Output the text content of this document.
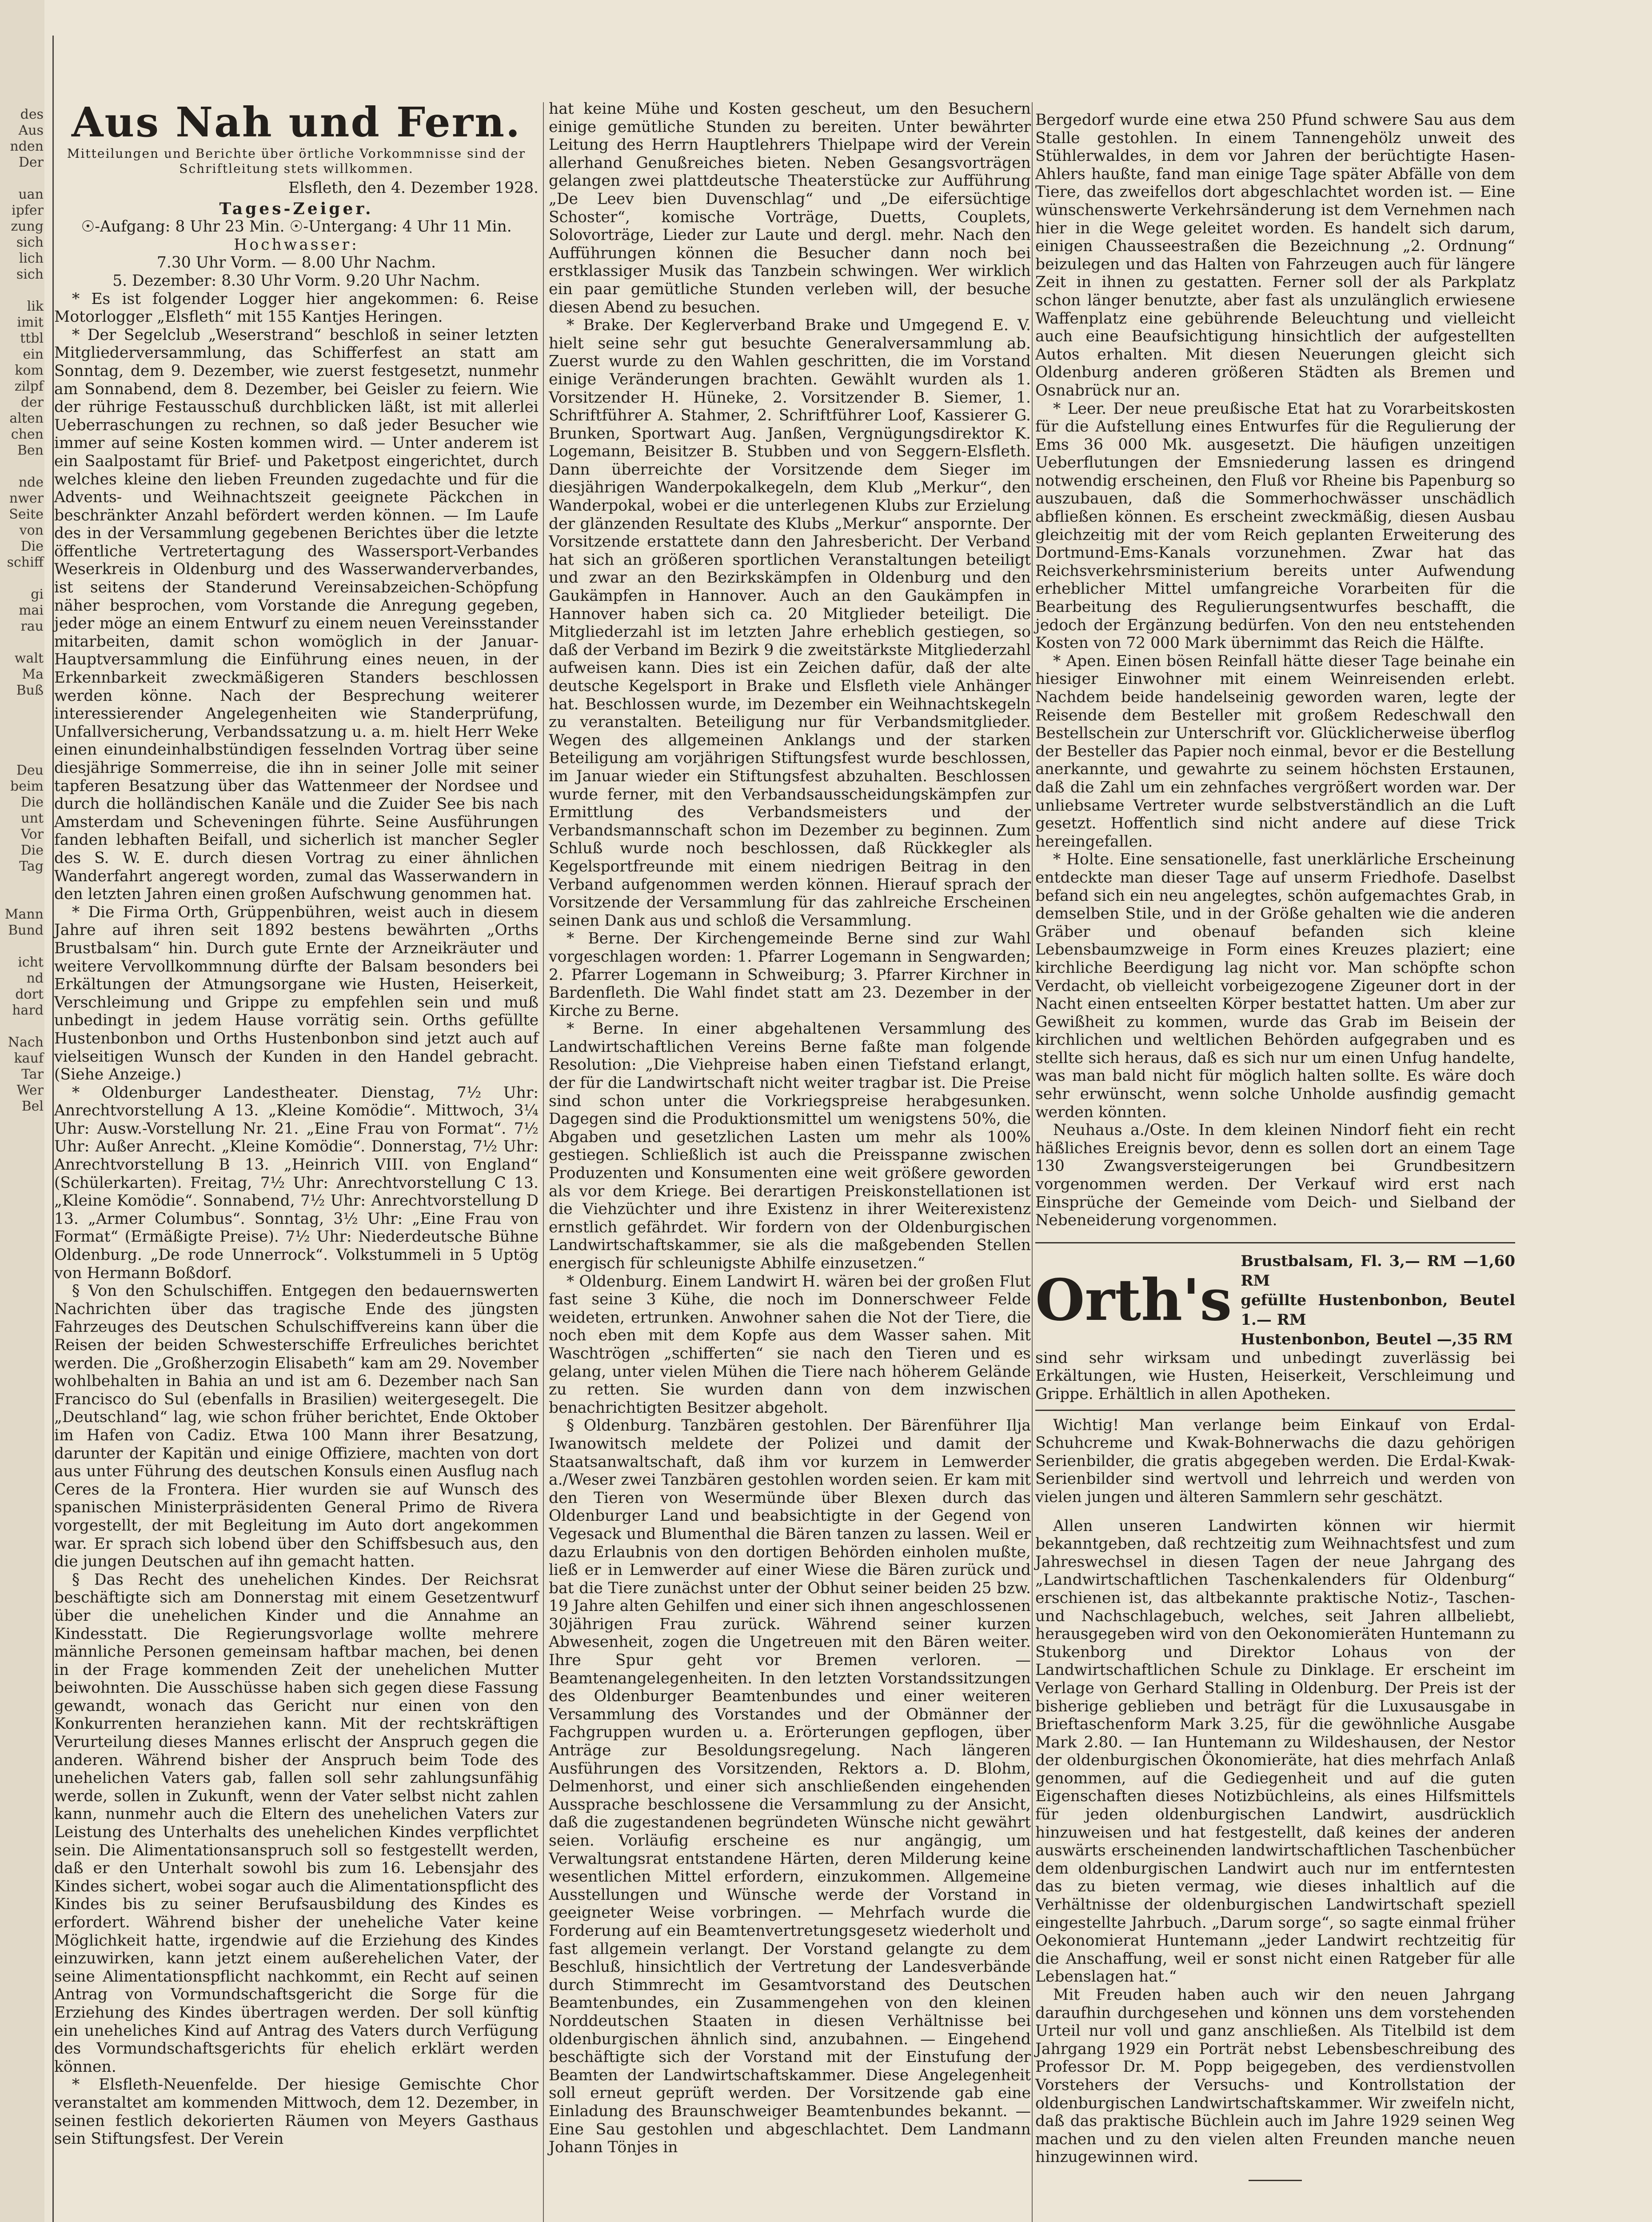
des
Aus
nden
Der

uan
ipfer
zung
sich
lich
sich

lik
imit
ttbl
ein
kom
zilpf
der
alten
chen
Ben

nde
nwer
Seite
von
Die
schiff

gi
mai
rau

walt
Ma
Buß

Deu
beim
Die
unt
Vor
Die
Tag

Mann
Bund

icht
nd
dort
hard

Nach
kauf
Tar
Wer
Bel
Aus Nah und Fern.
Mitteilungen und Berichte über örtliche Vorkommnisse sind der Schriftleitung stets willkommen.
Elsfleth, den 4. Dezember 1928.
Tages-Zeiger.
☉-Aufgang: 8 Uhr 23 Min. ☉-Untergang: 4 Uhr 11 Min.
Hochwasser:
7.30 Uhr Vorm. — 8.00 Uhr Nachm.
5. Dezember: 8.30 Uhr Vorm. 9.20 Uhr Nachm.

* Es ist folgender Logger hier angekommen: 6. Reise Motorlogger „Elsfleth“ mit 155 Kantjes Heringen.

* Der Segelclub „Weserstrand“ beschloß in seiner letzten Mitgliederversammlung, das Schifferfest an statt am Sonntag, dem 9. Dezember, wie zuerst festgesetzt, nunmehr am Sonnabend, dem 8. Dezember, bei Geisler zu feiern. Wie der rührige Festausschuß durchblicken läßt, ist mit allerlei Ueberraschungen zu rechnen, so daß jeder Besucher wie immer auf seine Kosten kommen wird. — Unter anderem ist ein Saalpostamt für Brief- und Paketpost eingerichtet, durch welches kleine den lieben Freunden zugedachte und für die Advents- und Weihnachtszeit geeignete Päckchen in beschränkter Anzahl befördert werden können. — Im Laufe des in der Versammlung gegebenen Berichtes über die letzte öffentliche Vertretertagung des Wassersport-Verbandes Weserkreis in Oldenburg und des Wasserwanderverbandes, ist seitens der Standerund Vereinsabzeichen-Schöpfung näher besprochen, vom Vorstande die Anregung gegeben, jeder möge an einem Entwurf zu einem neuen Vereinsstander mitarbeiten, damit schon womöglich in der Januar-Hauptversammlung die Einführung eines neuen, in der Erkennbarkeit zweckmäßigeren Standers beschlossen werden könne. Nach der Besprechung weiterer interessierender Angelegenheiten wie Standerprüfung, Unfallversicherung, Verbandssatzung u. a. m. hielt Herr Weke einen einundeinhalbstündigen fesselnden Vortrag über seine diesjährige Sommerreise, die ihn in seiner Jolle mit seiner tapferen Besatzung über das Wattenmeer der Nordsee und durch die holländischen Kanäle und die Zuider See bis nach Amsterdam und Scheveningen führte. Seine Ausführungen fanden lebhaften Beifall, und sicherlich ist mancher Segler des S. W. E. durch diesen Vortrag zu einer ähnlichen Wanderfahrt angeregt worden, zumal das Wasserwandern in den letzten Jahren einen großen Aufschwung genommen hat.

* Die Firma Orth, Grüppenbühren, weist auch in diesem Jahre auf ihren seit 1892 bestens bewährten „Orths Brustbalsam“ hin. Durch gute Ernte der Arzneikräuter und weitere Vervollkommnung dürfte der Balsam besonders bei Erkältungen der Atmungsorgane wie Husten, Heiserkeit, Verschleimung und Grippe zu empfehlen sein und muß unbedingt in jedem Hause vorrätig sein. Orths gefüllte Hustenbonbon und Orths Hustenbonbon sind jetzt auch auf vielseitigen Wunsch der Kunden in den Handel gebracht. (Siehe Anzeige.)

* Oldenburger Landestheater. Dienstag, 7½ Uhr: Anrechtvorstellung A 13. „Kleine Komödie“. Mittwoch, 3¼ Uhr: Ausw.-Vorstellung Nr. 21. „Eine Frau von Format“. 7½ Uhr: Außer Anrecht. „Kleine Komödie“. Donnerstag, 7½ Uhr: Anrechtvorstellung B 13. „Heinrich VIII. von England“ (Schülerkarten). Freitag, 7½ Uhr: Anrechtvorstellung C 13. „Kleine Komödie“. Sonnabend, 7½ Uhr: Anrechtvorstellung D 13. „Armer Columbus“. Sonntag, 3½ Uhr: „Eine Frau von Format“ (Ermäßigte Preise). 7½ Uhr: Niederdeutsche Bühne Oldenburg. „De rode Unnerrock“. Volkstummeli in 5 Uptög von Hermann Boßdorf.

§ Von den Schulschiffen. Entgegen den bedauernswerten Nachrichten über das tragische Ende des jüngsten Fahrzeuges des Deutschen Schulschiffvereins kann über die Reisen der beiden Schwesterschiffe Erfreuliches berichtet werden. Die „Großherzogin Elisabeth“ kam am 29. November wohlbehalten in Bahia an und ist am 6. Dezember nach San Francisco do Sul (ebenfalls in Brasilien) weitergesegelt. Die „Deutschland“ lag, wie schon früher berichtet, Ende Oktober im Hafen von Cadiz. Etwa 100 Mann ihrer Besatzung, darunter der Kapitän und einige Offiziere, machten von dort aus unter Führung des deutschen Konsuls einen Ausflug nach Ceres de la Frontera. Hier wurden sie auf Wunsch des spanischen Ministerpräsidenten General Primo de Rivera vorgestellt, der mit Begleitung im Auto dort angekommen war. Er sprach sich lobend über den Schiffsbesuch aus, den die jungen Deutschen auf ihn gemacht hatten.

§ Das Recht des unehelichen Kindes. Der Reichsrat beschäftigte sich am Donnerstag mit einem Gesetzentwurf über die unehelichen Kinder und die Annahme an Kindesstatt. Die Regierungsvorlage wollte mehrere männliche Personen gemeinsam haftbar machen, bei denen in der Frage kommenden Zeit der unehelichen Mutter beiwohnten. Die Ausschüsse haben sich gegen diese Fassung gewandt, wonach das Gericht nur einen von den Konkurrenten heranziehen kann. Mit der rechtskräftigen Verurteilung dieses Mannes erlischt der Anspruch gegen die anderen. Während bisher der Anspruch beim Tode des unehelichen Vaters gab, fallen soll sehr zahlungsunfähig werde, sollen in Zukunft, wenn der Vater selbst nicht zahlen kann, nunmehr auch die Eltern des unehelichen Vaters zur Leistung des Unterhalts des unehelichen Kindes verpflichtet sein. Die Alimentationsanspruch soll so festgestellt werden, daß er den Unterhalt sowohl bis zum 16. Lebensjahr des Kindes sichert, wobei sogar auch die Alimentationspflicht des Kindes bis zu seiner Berufsausbildung des Kindes es erfordert. Während bisher der uneheliche Vater keine Möglichkeit hatte, irgendwie auf die Erziehung des Kindes einzuwirken, kann jetzt einem außerehelichen Vater, der seine Alimentationspflicht nachkommt, ein Recht auf seinen Antrag von Vormundschaftsgericht die Sorge für die Erziehung des Kindes übertragen werden. Der soll künftig ein uneheliches Kind auf Antrag des Vaters durch Verfügung des Vormundschaftsgerichts für ehelich erklärt werden können.

* Elsfleth-Neuenfelde. Der hiesige Gemischte Chor veranstaltet am kommenden Mittwoch, dem 12. Dezember, in seinen festlich dekorierten Räumen von Meyers Gasthaus sein Stiftungsfest. Der Verein

hat keine Mühe und Kosten gescheut, um den Besuchern einige gemütliche Stunden zu bereiten. Unter bewährter Leitung des Herrn Hauptlehrers Thielpape wird der Verein allerhand Genußreiches bieten. Neben Gesangsvorträgen gelangen zwei plattdeutsche Theaterstücke zur Aufführung „De Leev bien Duvenschlag“ und „De eifersüchtige Schoster“, komische Vorträge, Duetts, Couplets, Solovorträge, Lieder zur Laute und dergl. mehr. Nach den Aufführungen können die Besucher dann noch bei erstklassiger Musik das Tanzbein schwingen. Wer wirklich ein paar gemütliche Stunden verleben will, der besuche diesen Abend zu besuchen.

* Brake. Der Keglerverband Brake und Umgegend E. V. hielt seine sehr gut besuchte Generalversammlung ab. Zuerst wurde zu den Wahlen geschritten, die im Vorstand einige Veränderungen brachten. Gewählt wurden als 1. Vorsitzender H. Hüneke, 2. Vorsitzender B. Siemer, 1. Schriftführer A. Stahmer, 2. Schriftführer Loof, Kassierer G. Brunken, Sportwart Aug. Janßen, Vergnügungsdirektor K. Logemann, Beisitzer B. Stubben und von Seggern-Elsfleth. Dann überreichte der Vorsitzende dem Sieger im diesjährigen Wanderpokalkegeln, dem Klub „Merkur“, den Wanderpokal, wobei er die unterlegenen Klubs zur Erzielung der glänzenden Resultate des Klubs „Merkur“ anspornte. Der Vorsitzende erstattete dann den Jahresbericht. Der Verband hat sich an größeren sportlichen Veranstaltungen beteiligt und zwar an den Bezirkskämpfen in Oldenburg und den Gaukämpfen in Hannover. Auch an den Gaukämpfen in Hannover haben sich ca. 20 Mitglieder beteiligt. Die Mitgliederzahl ist im letzten Jahre erheblich gestiegen, so daß der Verband im Bezirk 9 die zweitstärkste Mitgliederzahl aufweisen kann. Dies ist ein Zeichen dafür, daß der alte deutsche Kegelsport in Brake und Elsfleth viele Anhänger hat. Beschlossen wurde, im Dezember ein Weihnachtskegeln zu veranstalten. Beteiligung nur für Verbandsmitglieder. Wegen des allgemeinen Anklangs und der starken Beteiligung am vorjährigen Stiftungsfest wurde beschlossen, im Januar wieder ein Stiftungsfest abzuhalten. Beschlossen wurde ferner, mit den Verbandsausscheidungskämpfen zur Ermittlung des Verbandsmeisters und der Verbandsmannschaft schon im Dezember zu beginnen. Zum Schluß wurde noch beschlossen, daß Rückkegler als Kegelsportfreunde mit einem niedrigen Beitrag in den Verband aufgenommen werden können. Hierauf sprach der Vorsitzende der Versammlung für das zahlreiche Erscheinen seinen Dank aus und schloß die Versammlung.

* Berne. Der Kirchengemeinde Berne sind zur Wahl vorgeschlagen worden: 1. Pfarrer Logemann in Sengwarden; 2. Pfarrer Logemann in Schweiburg; 3. Pfarrer Kirchner in Bardenfleth. Die Wahl findet statt am 23. Dezember in der Kirche zu Berne.

* Berne. In einer abgehaltenen Versammlung des Landwirtschaftlichen Vereins Berne faßte man folgende Resolution: „Die Viehpreise haben einen Tiefstand erlangt, der für die Landwirtschaft nicht weiter tragbar ist. Die Preise sind schon unter die Vorkriegspreise herabgesunken. Dagegen sind die Produktionsmittel um wenigstens 50%, die Abgaben und gesetzlichen Lasten um mehr als 100% gestiegen. Schließlich ist auch die Preisspanne zwischen Produzenten und Konsumenten eine weit größere geworden als vor dem Kriege. Bei derartigen Preiskonstellationen ist die Viehzüchter und ihre Existenz in ihrer Weiterexistenz ernstlich gefährdet. Wir fordern von der Oldenburgischen Landwirtschaftskammer, sie als die maßgebenden Stellen energisch für schleunigste Abhilfe einzusetzen.“

* Oldenburg. Einem Landwirt H. wären bei der großen Flut fast seine 3 Kühe, die noch im Donnerschweer Felde weideten, ertrunken. Anwohner sahen die Not der Tiere, die noch eben mit dem Kopfe aus dem Wasser sahen. Mit Waschtrögen „schifferten“ sie nach den Tieren und es gelang, unter vielen Mühen die Tiere nach höherem Gelände zu retten. Sie wurden dann von dem inzwischen benachrichtigten Besitzer abgeholt.

§ Oldenburg. Tanzbären gestohlen. Der Bärenführer Ilja Iwanowitsch meldete der Polizei und damit der Staatsanwaltschaft, daß ihm vor kurzem in Lemwerder a./Weser zwei Tanzbären gestohlen worden seien. Er kam mit den Tieren von Wesermünde über Blexen durch das Oldenburger Land und beabsichtigte in der Gegend von Vegesack und Blumenthal die Bären tanzen zu lassen. Weil er dazu Erlaubnis von den dortigen Behörden einholen mußte, ließ er in Lemwerder auf einer Wiese die Bären zurück und bat die Tiere zunächst unter der Obhut seiner beiden 25 bzw. 19 Jahre alten Gehilfen und einer sich ihnen angeschlossenen 30jährigen Frau zurück. Während seiner kurzen Abwesenheit, zogen die Ungetreuen mit den Bären weiter. Ihre Spur geht vor Bremen verloren. — Beamtenangelegenheiten. In den letzten Vorstandssitzungen des Oldenburger Beamtenbundes und einer weiteren Versammlung des Vorstandes und der Obmänner der Fachgruppen wurden u. a. Erörterungen gepflogen, über Anträge zur Besoldungsregelung. Nach längeren Ausführungen des Vorsitzenden, Rektors a. D. Blohm, Delmenhorst, und einer sich anschließenden eingehenden Aussprache beschlossene die Versammlung zu der Ansicht, daß die zugestandenen begründeten Wünsche nicht gewährt seien. Vorläufig erscheine es nur angängig, um Verwaltungsrat entstandene Härten, deren Milderung keine wesentlichen Mittel erfordern, einzukommen. Allgemeine Ausstellungen und Wünsche werde der Vorstand in geeigneter Weise vorbringen. — Mehrfach wurde die Forderung auf ein Beamtenvertretungsgesetz wiederholt und fast allgemein verlangt. Der Vorstand gelangte zu dem Beschluß, hinsichtlich der Vertretung der Landesverbände durch Stimmrecht im Gesamtvorstand des Deutschen Beamtenbundes, ein Zusammengehen von den kleinen Norddeutschen Staaten in diesen Verhältnisse bei oldenburgischen ähnlich sind, anzubahnen. — Eingehend beschäftigte sich der Vorstand mit der Einstufung der Beamten der Landwirtschaftskammer. Diese Angelegenheit soll erneut geprüft werden. Der Vorsitzende gab eine Einladung des Braunschweiger Beamtenbundes bekannt. — Eine Sau gestohlen und abgeschlachtet. Dem Landmann Johann Tönjes in

Bergedorf wurde eine etwa 250 Pfund schwere Sau aus dem Stalle gestohlen. In einem Tannengehölz unweit des Stühlerwaldes, in dem vor Jahren der berüchtigte Hasen-Ahlers haußte, fand man einige Tage später Abfälle von dem Tiere, das zweifellos dort abgeschlachtet worden ist. — Eine wünschenswerte Verkehrsänderung ist dem Vernehmen nach hier in die Wege geleitet worden. Es handelt sich darum, einigen Chausseestraßen die Bezeichnung „2. Ordnung“ beizulegen und das Halten von Fahrzeugen auch für längere Zeit in ihnen zu gestatten. Ferner soll der als Parkplatz schon länger benutzte, aber fast als unzulänglich erwiesene Waffenplatz eine gebührende Beleuchtung und vielleicht auch eine Beaufsichtigung hinsichtlich der aufgestellten Autos erhalten. Mit diesen Neuerungen gleicht sich Oldenburg anderen größeren Städten als Bremen und Osnabrück nur an.

* Leer. Der neue preußische Etat hat zu Vorarbeitskosten für die Aufstellung eines Entwurfes für die Regulierung der Ems 36 000 Mk. ausgesetzt. Die häufigen unzeitigen Ueberflutungen der Emsniederung lassen es dringend notwendig erscheinen, den Fluß vor Rheine bis Papenburg so auszubauen, daß die Sommerhochwässer unschädlich abfließen können. Es erscheint zweckmäßig, diesen Ausbau gleichzeitig mit der vom Reich geplanten Erweiterung des Dortmund-Ems-Kanals vorzunehmen. Zwar hat das Reichsverkehrsministerium bereits unter Aufwendung erheblicher Mittel umfangreiche Vorarbeiten für die Bearbeitung des Regulierungsentwurfes beschafft, die jedoch der Ergänzung bedürfen. Von den neu entstehenden Kosten von 72 000 Mark übernimmt das Reich die Hälfte.

* Apen. Einen bösen Reinfall hätte dieser Tage beinahe ein hiesiger Einwohner mit einem Weinreisenden erlebt. Nachdem beide handelseinig geworden waren, legte der Reisende dem Besteller mit großem Redeschwall den Bestellschein zur Unterschrift vor. Glücklicherweise überflog der Besteller das Papier noch einmal, bevor er die Bestellung anerkannte, und gewahrte zu seinem höchsten Erstaunen, daß die Zahl um ein zehnfaches vergrößert worden war. Der unliebsame Vertreter wurde selbstverständlich an die Luft gesetzt. Hoffentlich sind nicht andere auf diese Trick hereingefallen.

* Holte. Eine sensationelle, fast unerklärliche Erscheinung entdeckte man dieser Tage auf unserm Friedhofe. Daselbst befand sich ein neu angelegtes, schön aufgemachtes Grab, in demselben Stile, und in der Größe gehalten wie die anderen Gräber und obenauf befanden sich kleine Lebensbaumzweige in Form eines Kreuzes plaziert; eine kirchliche Beerdigung lag nicht vor. Man schöpfte schon Verdacht, ob vielleicht vorbeigezogene Zigeuner dort in der Nacht einen entseelten Körper bestattet hatten. Um aber zur Gewißheit zu kommen, wurde das Grab im Beisein der kirchlichen und weltlichen Behörden aufgegraben und es stellte sich heraus, daß es sich nur um einen Unfug handelte, was man bald nicht für möglich halten sollte. Es wäre doch sehr erwünscht, wenn solche Unholde ausfindig gemacht werden könnten.

Neuhaus a./Oste. In dem kleinen Nindorf fieht ein recht häßliches Ereignis bevor, denn es sollen dort an einem Tage 130 Zwangsversteigerungen bei Grundbesitzern vorgenommen werden. Der Verkauf wird erst nach Einsprüche der Gemeinde vom Deich- und Sielband der Nebeneiderung vorgenommen.

Orth's
Brustbalsam, Fl. 3,— RM —1,60 RM
gefüllte Hustenbonbon, Beutel 1.— RM
Hustenbonbon, Beutel —,35 RM

sind sehr wirksam und unbedingt zuverlässig bei Erkältungen, wie Husten, Heiserkeit, Verschleimung und Grippe. Erhältlich in allen Apotheken.

Wichtig! Man verlange beim Einkauf von Erdal-Schuhcreme und Kwak-Bohnerwachs die dazu gehörigen Serienbilder, die gratis abgegeben werden. Die Erdal-Kwak-Serienbilder sind wertvoll und lehrreich und werden von vielen jungen und älteren Sammlern sehr geschätzt.

Allen unseren Landwirten können wir hiermit bekanntgeben, daß rechtzeitig zum Weihnachtsfest und zum Jahreswechsel in diesen Tagen der neue Jahrgang des „Landwirtschaftlichen Taschenkalenders für Oldenburg“ erschienen ist, das altbekannte praktische Notiz-, Taschen- und Nachschlagebuch, welches, seit Jahren allbeliebt, herausgegeben wird von den Oekonomieräten Huntemann zu Stukenborg und Direktor Lohaus von der Landwirtschaftlichen Schule zu Dinklage. Er erscheint im Verlage von Gerhard Stalling in Oldenburg. Der Preis ist der bisherige geblieben und beträgt für die Luxusausgabe in Brieftaschenform Mark 3.25, für die gewöhnliche Ausgabe Mark 2.80. — Ian Huntemann zu Wildeshausen, der Nestor der oldenburgischen Ökonomieräte, hat dies mehrfach Anlaß genommen, auf die Gediegenheit und auf die guten Eigenschaften dieses Notizbüchleins, als eines Hilfsmittels für jeden oldenburgischen Landwirt, ausdrücklich hinzuweisen und hat festgestellt, daß keines der anderen auswärts erscheinenden landwirtschaftlichen Taschenbücher dem oldenburgischen Landwirt auch nur im entferntesten das zu bieten vermag, wie dieses inhaltlich auf die Verhältnisse der oldenburgischen Landwirtschaft speziell eingestellte Jahrbuch. „Darum sorge“, so sagte einmal früher Oekonomierat Huntemann „jeder Landwirt rechtzeitig für die Anschaffung, weil er sonst nicht einen Ratgeber für alle Lebenslagen hat.“

Mit Freuden haben auch wir den neuen Jahrgang daraufhin durchgesehen und können uns dem vorstehenden Urteil nur voll und ganz anschließen. Als Titelbild ist dem Jahrgang 1929 ein Porträt nebst Lebensbeschreibung des Professor Dr. M. Popp beigegeben, des verdienstvollen Vorstehers der Versuchs- und Kontrollstation der oldenburgischen Landwirtschaftskammer. Wir zweifeln nicht, daß das praktische Büchlein auch im Jahre 1929 seinen Weg machen und zu den vielen alten Freunden manche neuen hinzugewinnen wird.
